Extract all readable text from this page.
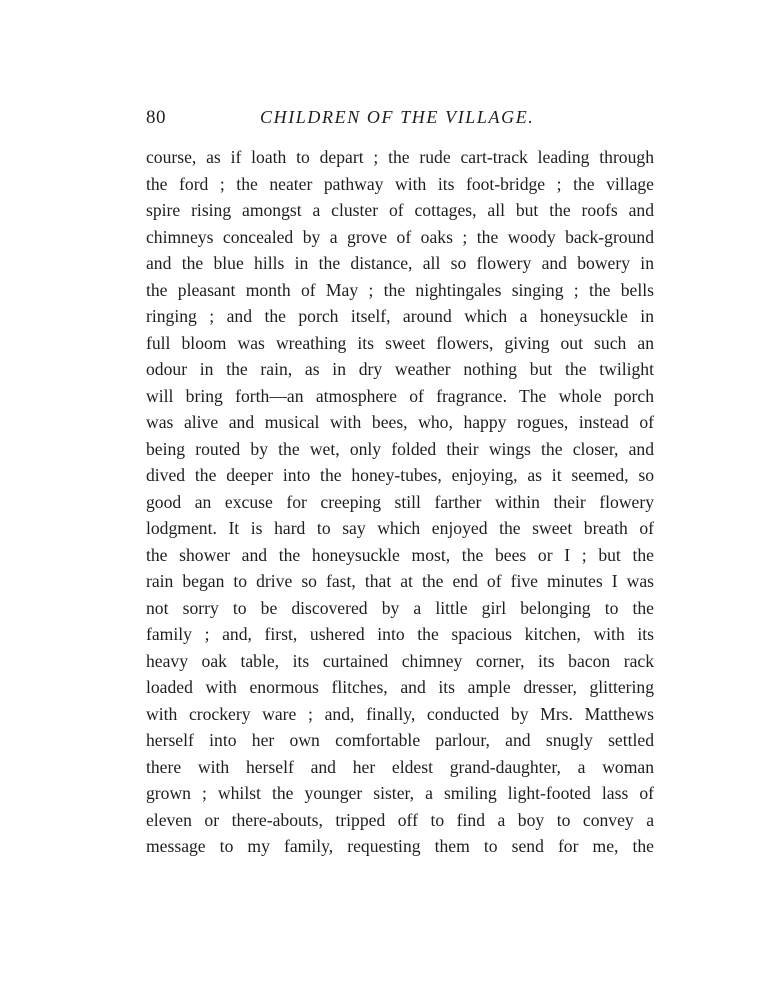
80	CHILDREN OF THE VILLAGE.
course, as if loath to depart ; the rude cart-track leading through
the ford ; the neater pathway with its foot-bridge ; the village
spire rising amongst a cluster of cottages, all but the roofs and
chimneys concealed by a grove of oaks ; the woody back-ground
and the blue hills in the distance, all so flowery and bowery in
the pleasant month of May ; the nightingales singing ; the bells
ringing ; and the porch itself, around which a honeysuckle in
full bloom was wreathing its sweet flowers, giving out such an
odour in the rain, as in dry weather nothing but the twilight
will bring forth—an atmosphere of fragrance. The whole porch
was alive and musical with bees, who, happy rogues, instead of
being routed by the wet, only folded their wings the closer, and
dived the deeper into the honey-tubes, enjoying, as it seemed, so
good an excuse for creeping still farther within their flowery
lodgment. It is hard to say which enjoyed the sweet breath of
the shower and the honeysuckle most, the bees or I ; but the
rain began to drive so fast, that at the end of five minutes I was
not sorry to be discovered by a little girl belonging to the
family ; and, first, ushered into the spacious kitchen, with its
heavy oak table, its curtained chimney corner, its bacon rack
loaded with enormous flitches, and its ample dresser, glittering
with crockery ware ; and, finally, conducted by Mrs. Matthews
herself into her own comfortable parlour, and snugly settled
there with herself and her eldest grand-daughter, a woman
grown ; whilst the younger sister, a smiling light-footed lass of
eleven or there-abouts, tripped off to find a boy to convey a
message to my family, requesting them to send for me, the
